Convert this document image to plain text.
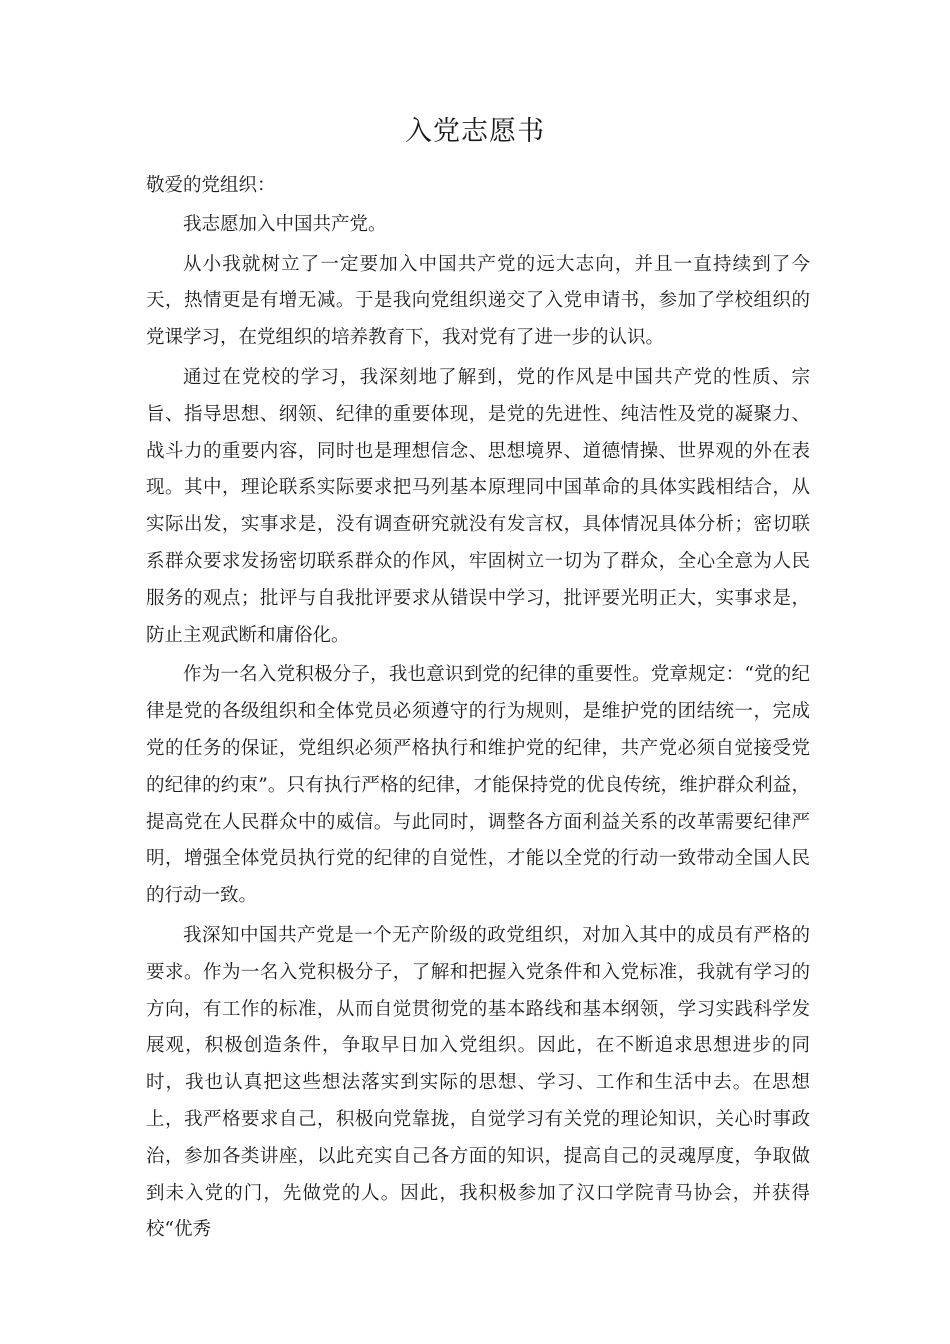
入党志愿书

敬爱的党组织：

我志愿加入中国共产党。

从小我就树立了一定要加入中国共产党的远大志向，并且一直持续到了今天，热情更是有增无减。于是我向党组织递交了入党申请书，参加了学校组织的党课学习，在党组织的培养教育下，我对党有了进一步的认识。

通过在党校的学习，我深刻地了解到，党的作风是中国共产党的性质、宗旨、指导思想、纲领、纪律的重要体现，是党的先进性、纯洁性及党的凝聚力、战斗力的重要内容，同时也是理想信念、思想境界、道德情操、世界观的外在表现。其中，理论联系实际要求把马列基本原理同中国革命的具体实践相结合，从实际出发，实事求是，没有调查研究就没有发言权，具体情况具体分析；密切联系群众要求发扬密切联系群众的作风，牢固树立一切为了群众，全心全意为人民服务的观点；批评与自我批评要求从错误中学习，批评要光明正大，实事求是，防止主观武断和庸俗化。

作为一名入党积极分子，我也意识到党的纪律的重要性。党章规定：“党的纪律是党的各级组织和全体党员必须遵守的行为规则，是维护党的团结统一，完成党的任务的保证，党组织必须严格执行和维护党的纪律，共产党必须自觉接受党的纪律的约束”。只有执行严格的纪律，才能保持党的优良传统，维护群众利益，提高党在人民群众中的威信。与此同时，调整各方面利益关系的改革需要纪律严明，增强全体党员执行党的纪律的自觉性，才能以全党的行动一致带动全国人民的行动一致。

我深知中国共产党是一个无产阶级的政党组织，对加入其中的成员有严格的要求。作为一名入党积极分子，了解和把握入党条件和入党标准，我就有学习的方向，有工作的标准，从而自觉贯彻党的基本路线和基本纲领，学习实践科学发展观，积极创造条件，争取早日加入党组织。因此，在不断追求思想进步的同时，我也认真把这些想法落实到实际的思想、学习、工作和生活中去。在思想上，我严格要求自己，积极向党靠拢，自觉学习有关党的理论知识，关心时事政治，参加各类讲座，以此充实自己各方面的知识，提高自己的灵魂厚度，争取做到未入党的门，先做党的人。因此，我积极参加了汉口学院青马协会，并获得校“优秀
